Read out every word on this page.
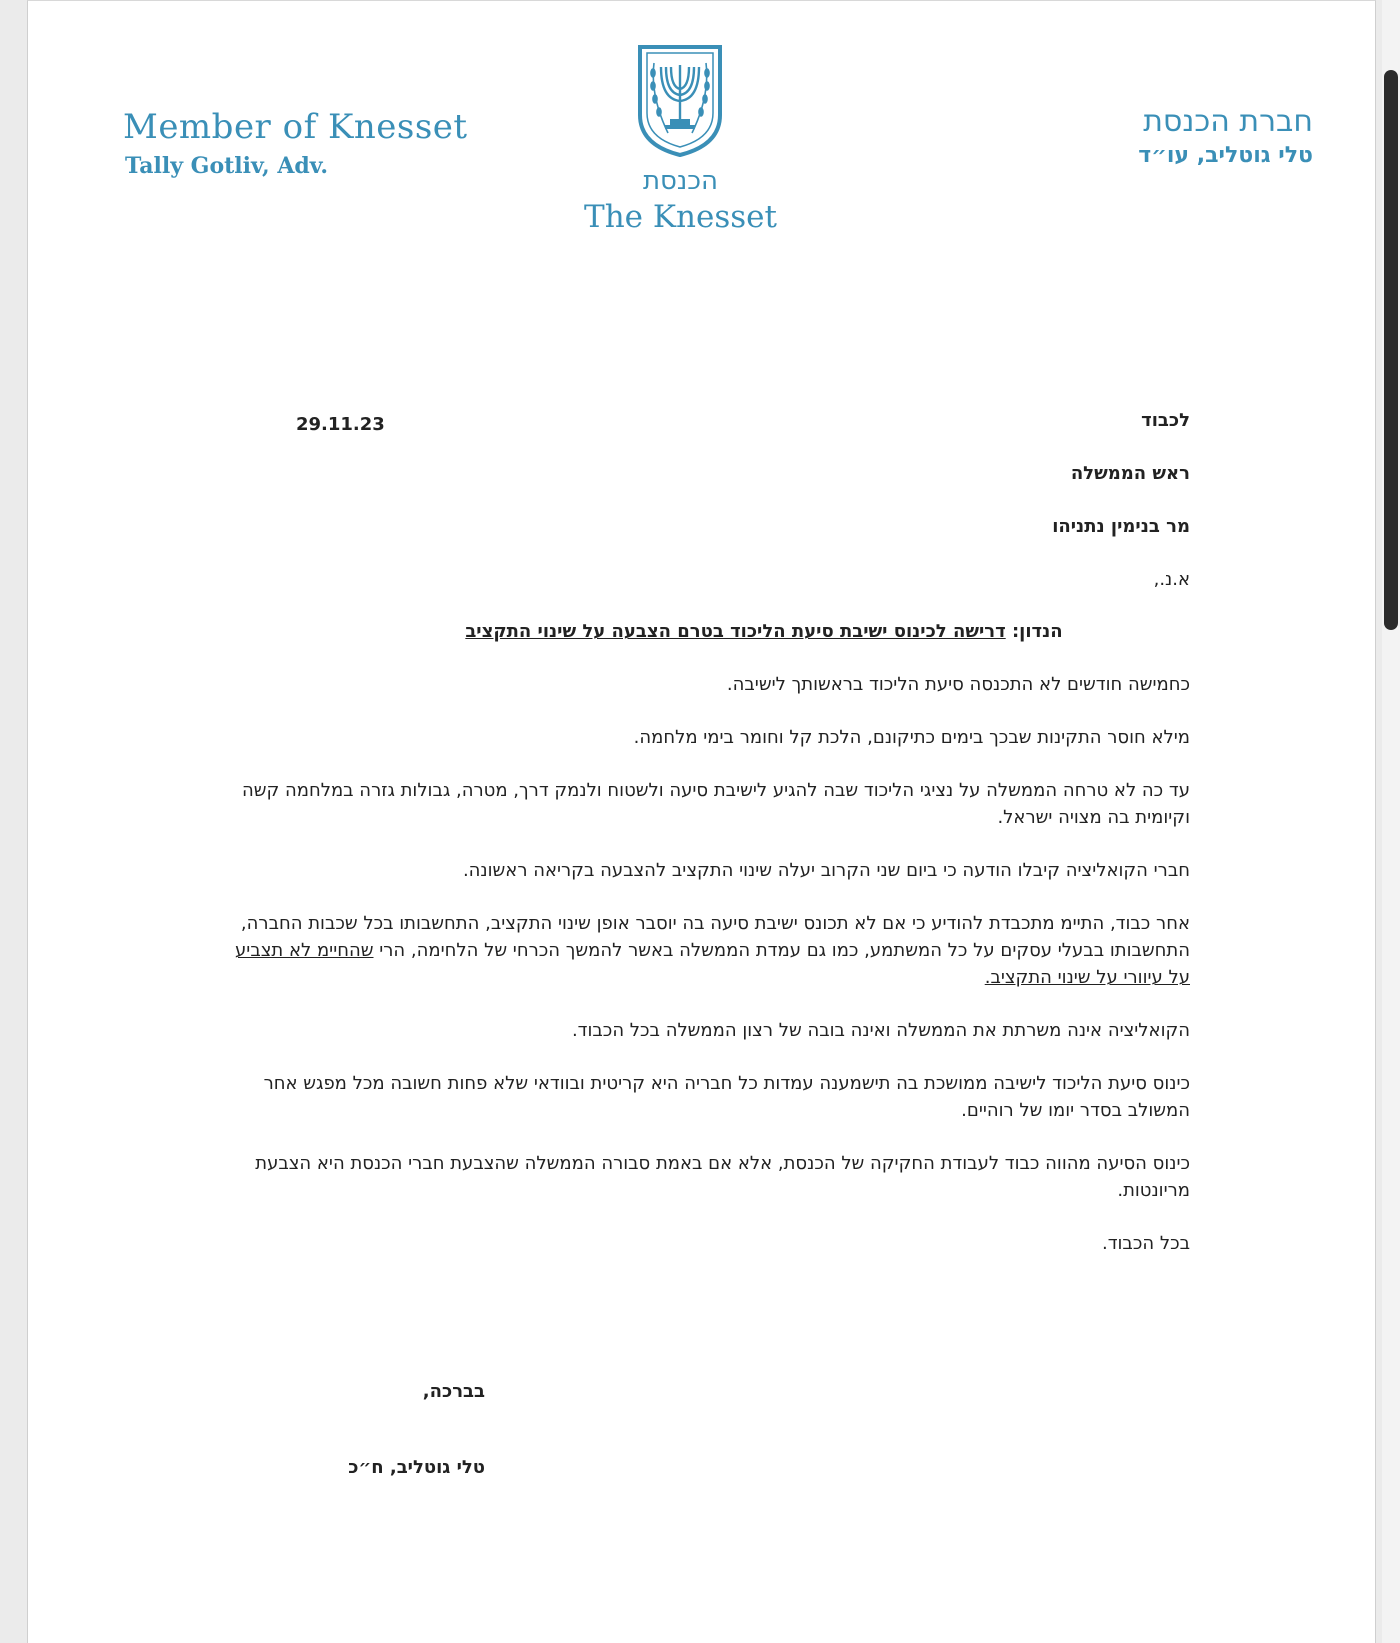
Member of Knesset
Tally Gotliv, Adv.	הכנסת
The Knesset
חברת הכנסת
טלי גוטליב, עו״ד
29.11.23	לכבוד
ראש הממשלה
מר בנימין נתניהו
א.נ.,
הנדון: דרישה לכינוס ישיבת סיעת הליכוד בטרם הצבעה על שינוי התקציב
כחמישה חודשים לא התכנסה סיעת הליכוד בראשותך לישיבה.
מילא חוסר התקינות שבכך בימים כתיקונם, הלכת קל וחומר בימי מלחמה.
עד כה לא טרחה הממשלה על נציגי הליכוד שבה להגיע לישיבת סיעה ולשטוח ולנמק דרך, מטרה, גבולות גזרה במלחמה קשה וקיומית בה מצויה ישראל.
חברי הקואליציה קיבלו הודעה כי ביום שני הקרוב יעלה שינוי התקציב להצבעה בקריאה ראשונה.
אחר כבוד, התיימ מתכבדת להודיע כי אם לא תכונס ישיבת סיעה בה יוסבר אופן שינוי התקציב, התחשבותו בכל שכבות החברה, התחשבותו בבעלי עסקים על כל המשתמע, כמו גם עמדת הממשלה באשר להמשך הכרחי של הלחימה, הרי שהחיימ לא תצביע על עיוורי על שינוי התקציב.
הקואליציה אינה משרתת את הממשלה ואינה בובה של רצון הממשלה בכל הכבוד.
כינוס סיעת הליכוד לישיבה ממושכת בה תישמענה עמדות כל חבריה היא קריטית ובוודאי שלא פחות חשובה מכל מפגש אחר המשולב בסדר יומו של רוהיים.
כינוס הסיעה מהווה כבוד לעבודת החקיקה של הכנסת, אלא אם באמת סבורה הממשלה שהצבעת חברי הכנסת היא הצבעת מריונטות.
בכל הכבוד.
בברכה,
טלי גוטליב, ח״כ
